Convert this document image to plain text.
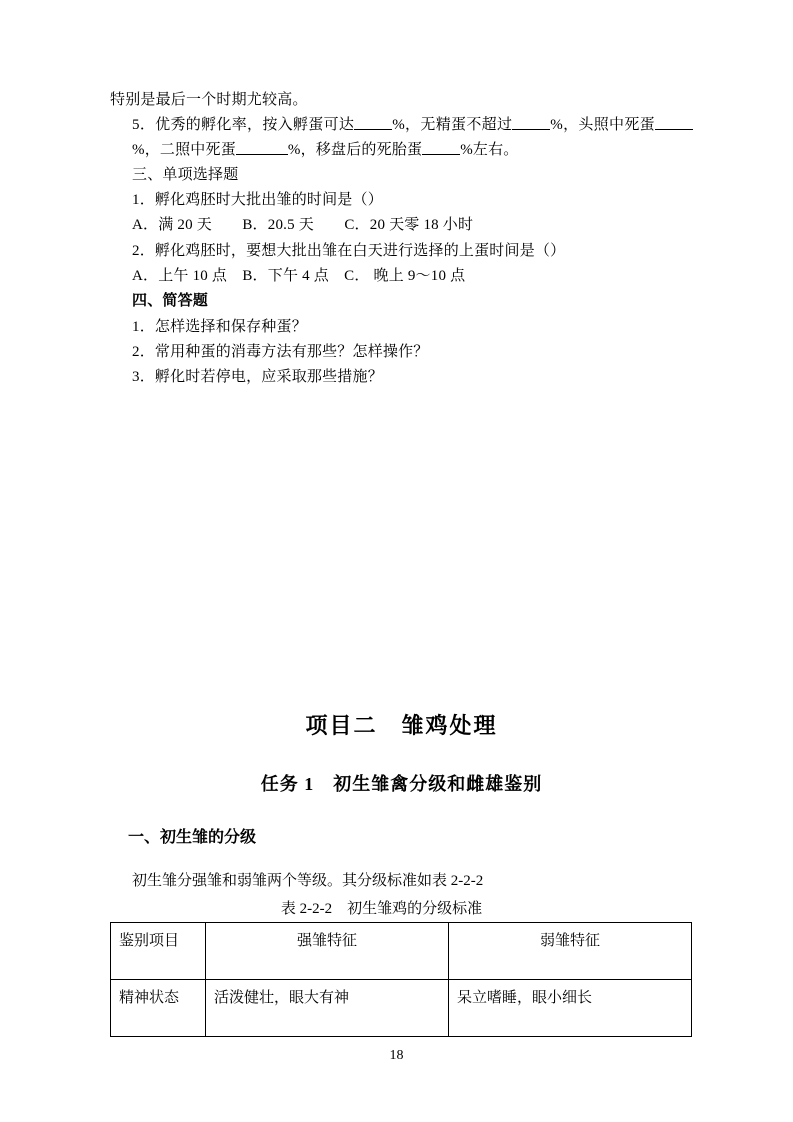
特别是最后一个时期尤较高。

5．优秀的孵化率，按入孵蛋可达	%，无精蛋不超过	%，头照中死蛋%，二照中死蛋	%，移盘后的死胎蛋	%左右。

三、单项选择题

1．孵化鸡胚时大批出雏的时间是（）

A．满 20 天　　B．20.5 天　　C．20 天零 18 小时

2．孵化鸡胚时，要想大批出雏在白天进行选择的上蛋时间是（）

A．上午 10 点　B．下午 4 点　C． 晚上 9～10 点

四、简答题

1．怎样选择和保存种蛋？

2．常用种蛋的消毒方法有那些？怎样操作？

3．孵化时若停电，应采取那些措施？

项目二　雏鸡处理
任务 1　初生雏禽分级和雌雄鉴别
一、初生雏的分级

初生雏分强雏和弱雏两个等级。其分级标准如表 2-2-2

表 2-2-2　初生雏鸡的分级标准

鉴别项目	强雏特征	弱雏特征
精神状态	活泼健壮，眼大有神	呆立嗜睡，眼小细长
18
